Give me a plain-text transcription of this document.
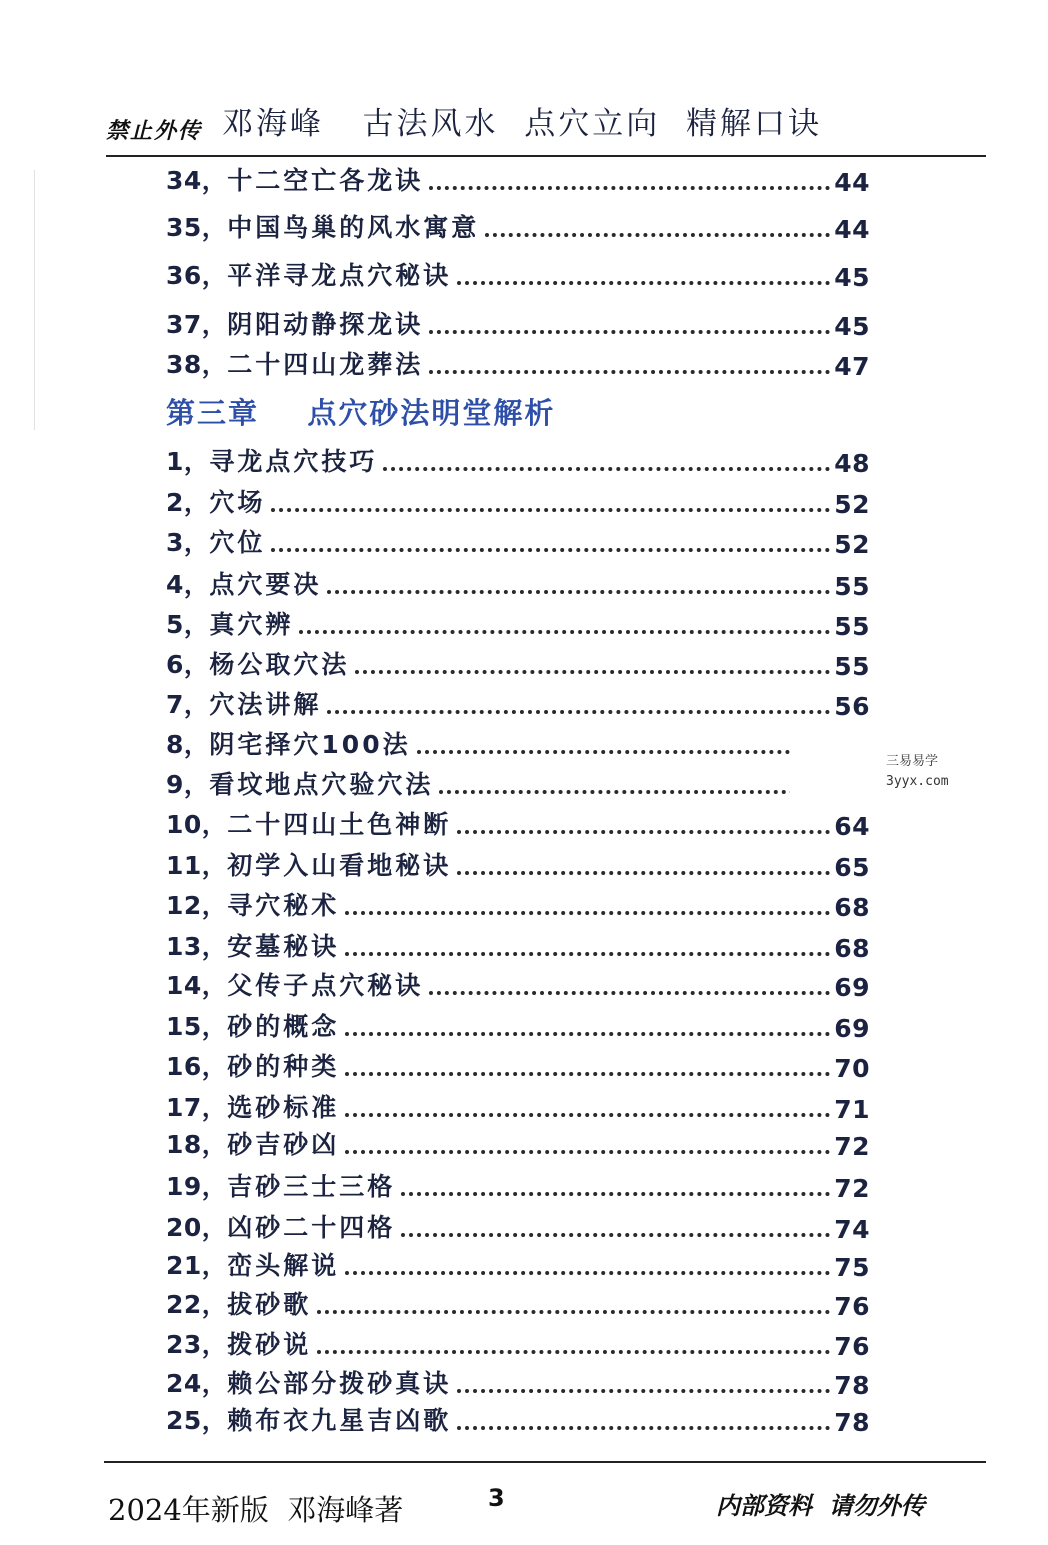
禁止外传 邓海峰   古法风水  点穴立向  精解口诀
34， 十二空亡各龙诀	44
35， 中国鸟巢的风水寓意	44
36， 平洋寻龙点穴秘诀	45
37， 阴阳动静探龙诀	45
38， 二十四山龙葬法	47
第三章    点穴砂法明堂解析
1， 寻龙点穴技巧	48
2， 穴场	52
3， 穴位	52
4， 点穴要决	55
5， 真穴辨	55
6， 杨公取穴法	55
7， 穴法讲解	56
8， 阴宅择穴100法
9， 看坟地点穴验穴法
10， 二十四山土色神断	64
11， 初学入山看地秘诀	65
12， 寻穴秘术	68
13， 安墓秘诀	68
14， 父传子点穴秘诀	69
15， 砂的概念	69
16， 砂的种类	70
17， 选砂标准	71
18， 砂吉砂凶	72
19， 吉砂三士三格	72
20， 凶砂二十四格	74
21， 峦头解说	75
22， 拔砂歌	76
23， 拨砂说	76
24， 赖公部分拨砂真诀	78
25， 赖布衣九星吉凶歌	78
三易易学
3yyx.com
2024年新版  邓海峰著	3	内部资料  请勿外传
